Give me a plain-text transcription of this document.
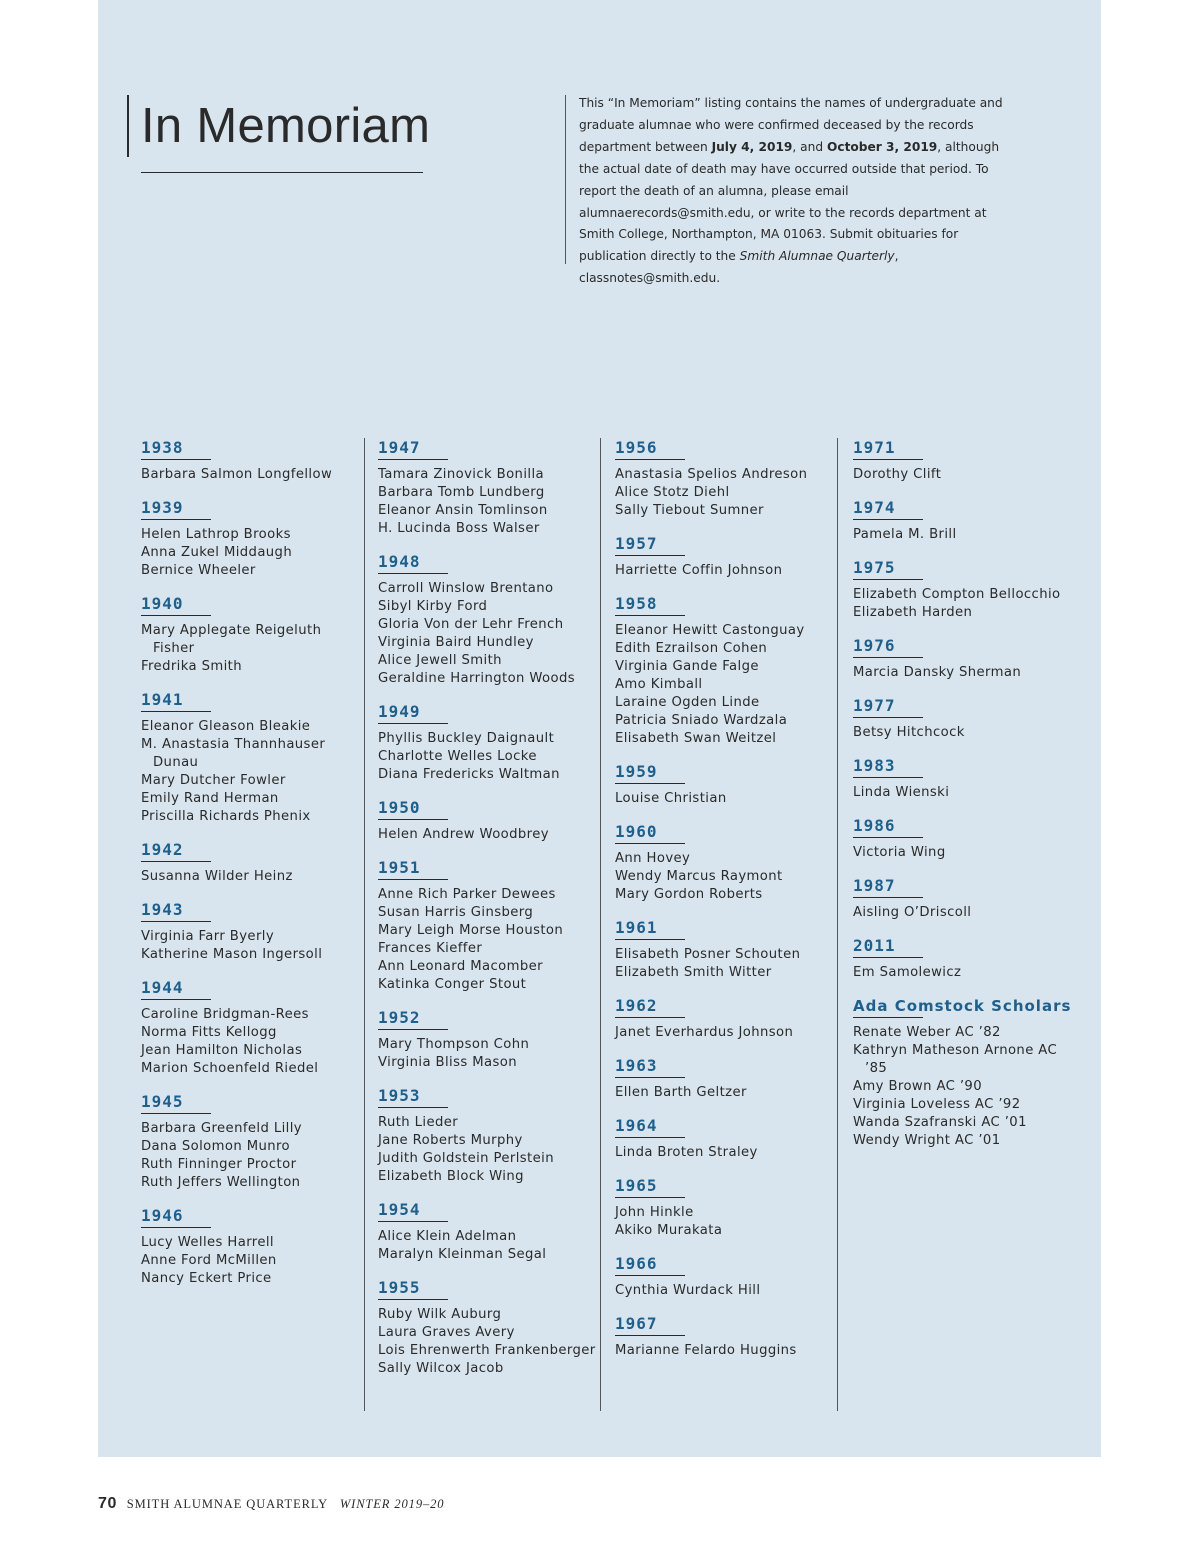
In Memoriam	This “In Memoriam” listing contains the names of undergraduate and graduate alumnae who were confirmed deceased by the records department between July 4, 2019, and October 3, 2019, although the actual date of death may have occurred outside that period. To report the death of an alumna, please email alumnaerecords@smith.edu, or write to the records department at Smith College, Northampton, MA 01063. Submit obituaries for publication directly to the Smith Alumnae Quarterly, classnotes@smith.edu.

1938
Barbara Salmon Longfellow
1939
Helen Lathrop Brooks
Anna Zukel Middaugh
Bernice Wheeler
1940
Mary Applegate Reigeluth
Fisher
Fredrika Smith
1941
Eleanor Gleason Bleakie
M. Anastasia Thannhauser
Dunau
Mary Dutcher Fowler
Emily Rand Herman
Priscilla Richards Phenix
1942
Susanna Wilder Heinz
1943
Virginia Farr Byerly
Katherine Mason Ingersoll
1944
Caroline Bridgman-Rees
Norma Fitts Kellogg
Jean Hamilton Nicholas
Marion Schoenfeld Riedel
1945
Barbara Greenfeld Lilly
Dana Solomon Munro
Ruth Finninger Proctor
Ruth Jeffers Wellington
1946
Lucy Welles Harrell
Anne Ford McMillen
Nancy Eckert Price
1947
Tamara Zinovick Bonilla
Barbara Tomb Lundberg
Eleanor Ansin Tomlinson
H. Lucinda Boss Walser
1948
Carroll Winslow Brentano
Sibyl Kirby Ford
Gloria Von der Lehr French
Virginia Baird Hundley
Alice Jewell Smith
Geraldine Harrington Woods
1949
Phyllis Buckley Daignault
Charlotte Welles Locke
Diana Fredericks Waltman
1950
Helen Andrew Woodbrey
1951
Anne Rich Parker Dewees
Susan Harris Ginsberg
Mary Leigh Morse Houston
Frances Kieffer
Ann Leonard Macomber
Katinka Conger Stout
1952
Mary Thompson Cohn
Virginia Bliss Mason
1953
Ruth Lieder
Jane Roberts Murphy
Judith Goldstein Perlstein
Elizabeth Block Wing
1954
Alice Klein Adelman
Maralyn Kleinman Segal
1955
Ruby Wilk Auburg
Laura Graves Avery
Lois Ehrenwerth Frankenberger
Sally Wilcox Jacob
1956
Anastasia Spelios Andreson
Alice Stotz Diehl
Sally Tiebout Sumner
1957
Harriette Coffin Johnson
1958
Eleanor Hewitt Castonguay
Edith Ezrailson Cohen
Virginia Gande Falge
Amo Kimball
Laraine Ogden Linde
Patricia Sniado Wardzala
Elisabeth Swan Weitzel
1959
Louise Christian
1960
Ann Hovey
Wendy Marcus Raymont
Mary Gordon Roberts
1961
Elisabeth Posner Schouten
Elizabeth Smith Witter
1962
Janet Everhardus Johnson
1963
Ellen Barth Geltzer
1964
Linda Broten Straley
1965
John Hinkle
Akiko Murakata
1966
Cynthia Wurdack Hill
1967
Marianne Felardo Huggins
1971
Dorothy Clift
1974
Pamela M. Brill
1975
Elizabeth Compton Bellocchio
Elizabeth Harden
1976
Marcia Dansky Sherman
1977
Betsy Hitchcock
1983
Linda Wienski
1986
Victoria Wing
1987
Aisling O’Driscoll
2011
Em Samolewicz
Ada Comstock Scholars
Renate Weber AC ’82
Kathryn Matheson Arnone AC
’85
Amy Brown AC ’90
Virginia Loveless AC ’92
Wanda Szafranski AC ’01
Wendy Wright AC ’01
70 SMITH ALUMNAE QUARTERLY WINTER 2019–20
